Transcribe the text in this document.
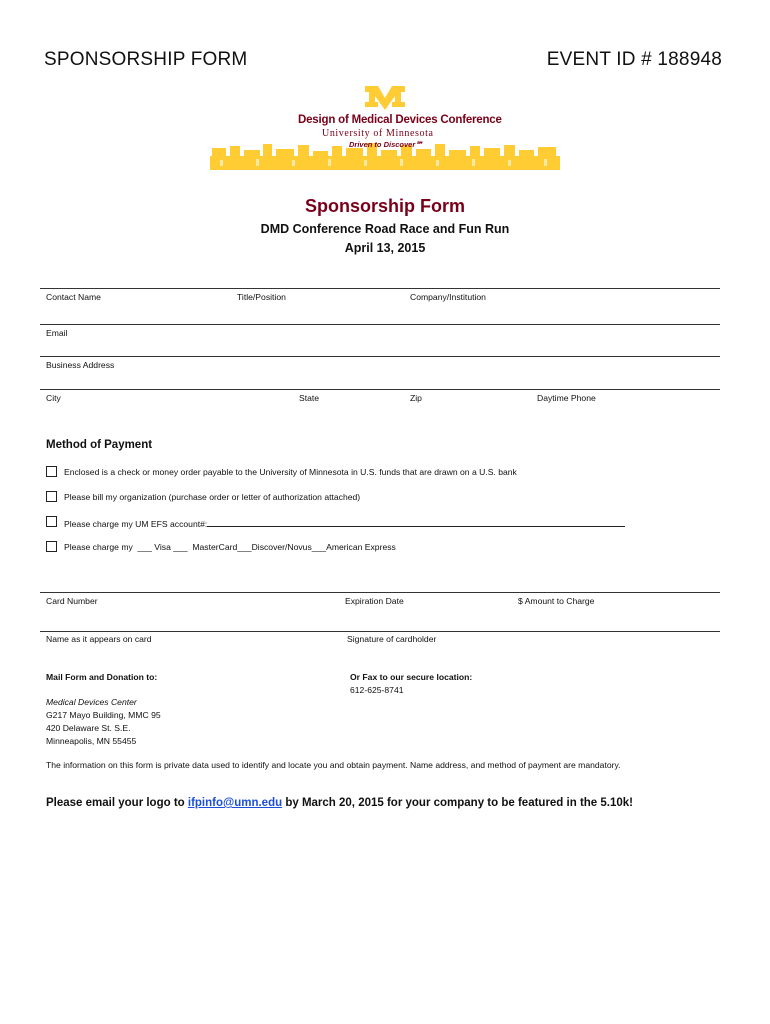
SPONSORSHIP FORM	EVENT ID # 188948
Design of Medical Devices Conference
University of Minnesota
Driven to Discover℠
Sponsorship Form
DMD Conference Road Race and Fun Run
April 13, 2015
Contact Name	Title/Position	Company/Institution
Email
Business Address
City	State	Zip	Daytime Phone
Method of Payment
Enclosed is a check or money order payable to the University of Minnesota in U.S. funds that are drawn on a U.S. bank
Please bill my organization (purchase order or letter of authorization attached)
Please charge my UM EFS account#:
Please charge my  ___ Visa ___  MasterCard___Discover/Novus___American Express
Card Number	Expiration Date	$ Amount to Charge
Name as it appears on card	Signature of cardholder
Mail Form and Donation to:	Or Fax to our secure location:
612-625-8741
Medical Devices Center
G217 Mayo Building, MMC 95
420 Delaware St. S.E.
Minneapolis, MN 55455
The information on this form is private data used to identify and locate you and obtain payment. Name address, and method of payment are mandatory.
Please email your logo to ifpinfo@umn.edu by March 20, 2015 for your company to be featured in the 5.10k!
